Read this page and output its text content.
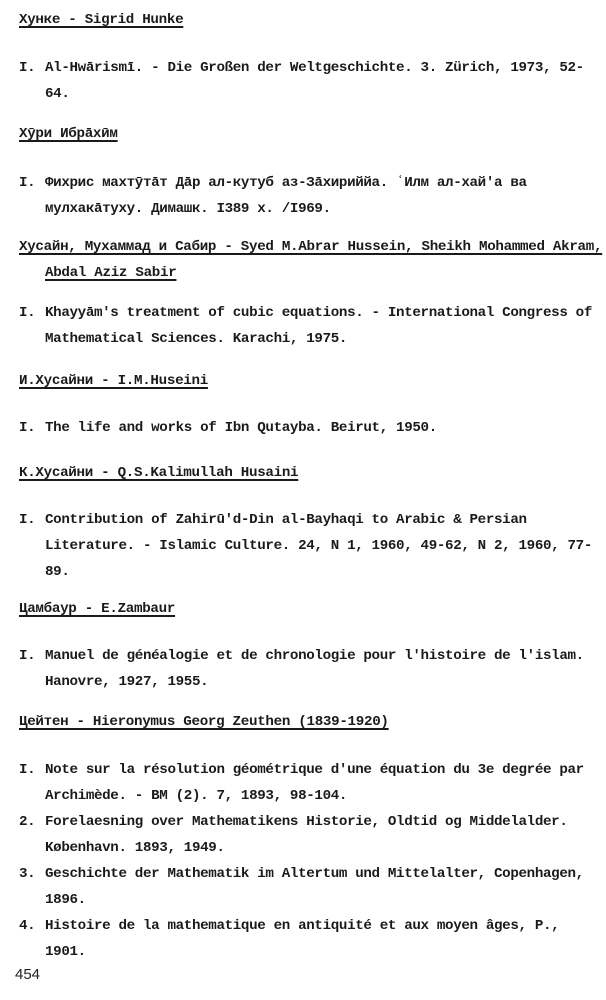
Хунке - Sigrid Hunke
I. Al-Hwārismī. - Die Großen der Weltgeschichte. 3. Zürich, 1973, 52-64.
Хӯри Ибрāхӣм
I. Фихрис махтӯтāт Дāр ал-кутуб аз-Зāхириййа. ʿИлм ал-хай'а ва мулхакāтуху. Димашк. I389 х. /I969.
Хусайн, Мухаммад и Сабир - Syed M.Abrar Hussein, Sheikh Mohammed Akram, Abdal Aziz Sabir
I. Khayyām's treatment of cubic equations. - International Congress of Mathematical Sciences. Karachi, 1975.
И.Хусайни - I.M.Huseini
I. The life and works of Ibn Qutayba. Beirut, 1950.
К.Хусайни - Q.S.Kalimullah Husaini
I. Contribution of Zahirū'd-Din al-Bayhaqi to Arabic & Persian Literature. - Islamic Culture. 24, N 1, 1960, 49-62, N 2, 1960, 77-89.
Цамбаур - E.Zambaur
I. Manuel de généalogie et de chronologie pour l'histoire de l'islam. Hanovre, 1927, 1955.
Цейтен - Hieronymus Georg Zeuthen (1839-1920)
I. Note sur la résolution géométrique d'une équation du 3e degrée par Archimède. - BM (2). 7, 1893, 98-104.
2. Forelaesning over Mathematikens Historie, Oldtid og Middelalder. København. 1893, 1949.
3. Geschichte der Mathematik im Altertum und Mittelalter, Copenhagen, 1896.
4. Histoire de la mathematique en antiquité et aux moyen âges, P., 1901.
454
